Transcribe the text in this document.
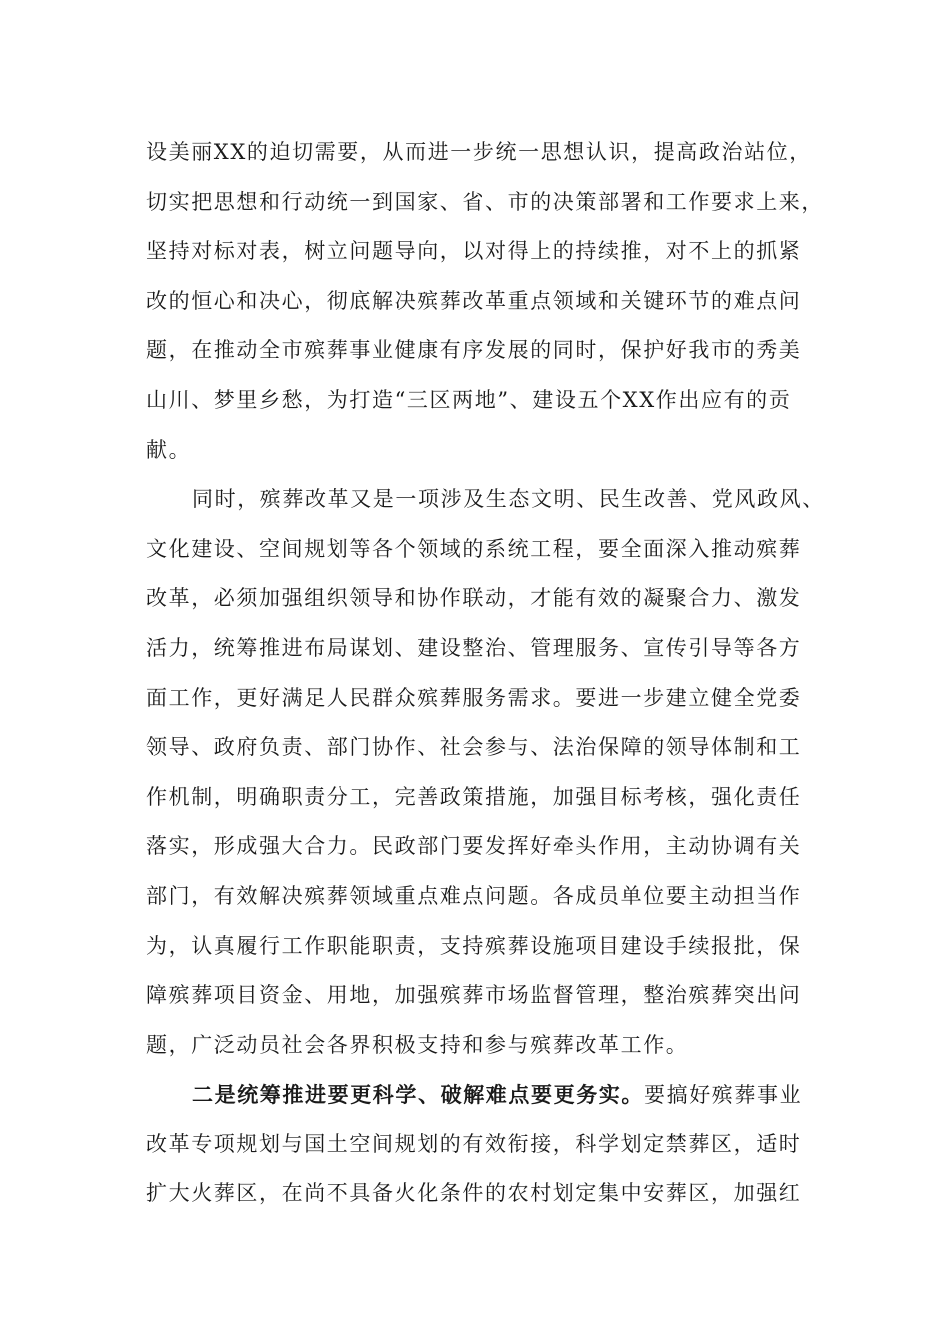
设美丽XX的迫切需要，从而进一步统一思想认识，提高政治站位，
切实把思想和行动统一到国家、省、市的决策部署和工作要求上来，
坚持对标对表，树立问题导向，以对得上的持续推，对不上的抓紧
改的恒心和决心，彻底解决殡葬改革重点领域和关键环节的难点问
题，在推动全市殡葬事业健康有序发展的同时，保护好我市的秀美
山川、梦里乡愁，为打造“三区两地”、建设五个XX作出应有的贡
献。
同时，殡葬改革又是一项涉及生态文明、民生改善、党风政风、
文化建设、空间规划等各个领域的系统工程，要全面深入推动殡葬
改革，必须加强组织领导和协作联动，才能有效的凝聚合力、激发
活力，统筹推进布局谋划、建设整治、管理服务、宣传引导等各方
面工作，更好满足人民群众殡葬服务需求。要进一步建立健全党委
领导、政府负责、部门协作、社会参与、法治保障的领导体制和工
作机制，明确职责分工，完善政策措施，加强目标考核，强化责任
落实，形成强大合力。民政部门要发挥好牵头作用，主动协调有关
部门，有效解决殡葬领域重点难点问题。各成员单位要主动担当作
为，认真履行工作职能职责，支持殡葬设施项目建设手续报批，保
障殡葬项目资金、用地，加强殡葬市场监督管理，整治殡葬突出问
题，广泛动员社会各界积极支持和参与殡葬改革工作。
二是统筹推进要更科学、破解难点要更务实。要搞好殡葬事业
改革专项规划与国土空间规划的有效衔接，科学划定禁葬区，适时
扩大火葬区，在尚不具备火化条件的农村划定集中安葬区，加强红
